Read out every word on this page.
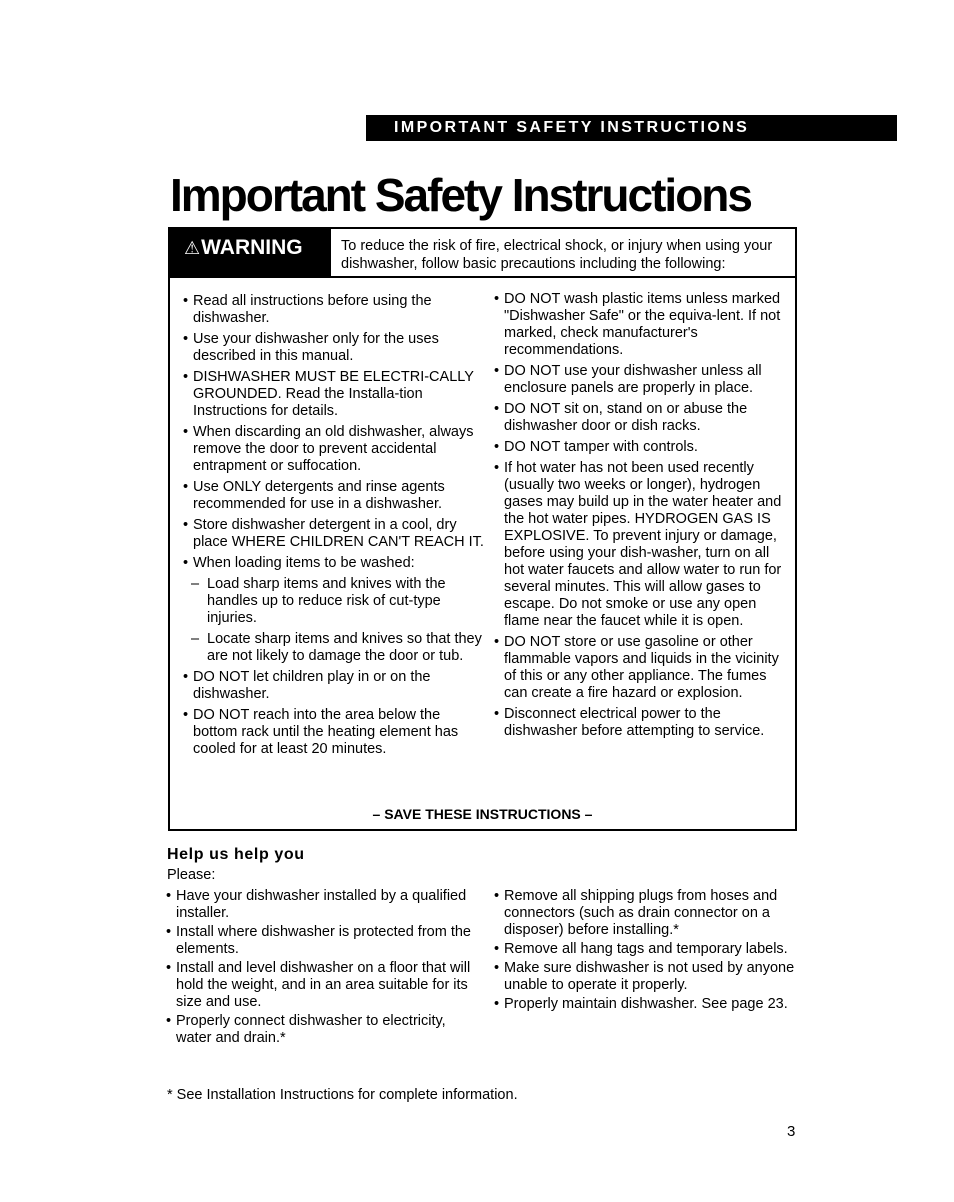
IMPORTANT SAFETY INSTRUCTIONS
Important Safety Instructions
⚠WARNING	To reduce the risk of fire, electrical shock, or injury when using your dishwasher, follow basic precautions including the following:
• Read all instructions before using the dishwasher.
• Use your dishwasher only for the uses described in this manual.
• DISHWASHER MUST BE ELECTRI-CALLY GROUNDED. Read the Installa-tion Instructions for details.
• When discarding an old dishwasher, always remove the door to prevent accidental entrapment or suffocation.
• Use ONLY detergents and rinse agents recommended for use in a dishwasher.
• Store dishwasher detergent in a cool, dry place WHERE CHILDREN CAN'T REACH IT.
• When loading items to be washed:
– Load sharp items and knives with the handles up to reduce risk of cut-type injuries.
– Locate sharp items and knives so that they are not likely to damage the door or tub.
• DO NOT let children play in or on the dishwasher.
• DO NOT reach into the area below the bottom rack until the heating element has cooled for at least 20 minutes.
• DO NOT wash plastic items unless marked "Dishwasher Safe" or the equiva-lent. If not marked, check manufacturer's recommendations.
• DO NOT use your dishwasher unless all enclosure panels are properly in place.
• DO NOT sit on, stand on or abuse the dishwasher door or dish racks.
• DO NOT tamper with controls.
• If hot water has not been used recently (usually two weeks or longer), hydrogen gases may build up in the water heater and the hot water pipes. HYDROGEN GAS IS EXPLOSIVE. To prevent injury or damage, before using your dish-washer, turn on all hot water faucets and allow water to run for several minutes. This will allow gases to escape. Do not smoke or use any open flame near the faucet while it is open.
• DO NOT store or use gasoline or other flammable vapors and liquids in the vicinity of this or any other appliance. The fumes can create a fire hazard or explosion.
• Disconnect electrical power to the dishwasher before attempting to service.
– SAVE THESE INSTRUCTIONS –
Help us help you
Please:
• Have your dishwasher installed by a qualified installer.
• Install where dishwasher is protected from the elements.
• Install and level dishwasher on a floor that will hold the weight, and in an area suitable for its size and use.
• Properly connect dishwasher to electricity, water and drain.*
• Remove all shipping plugs from hoses and connectors (such as drain connector on a disposer) before installing.*
• Remove all hang tags and temporary labels.
• Make sure dishwasher is not used by anyone unable to operate it properly.
• Properly maintain dishwasher. See page 23.
* See Installation Instructions for complete information.
3
